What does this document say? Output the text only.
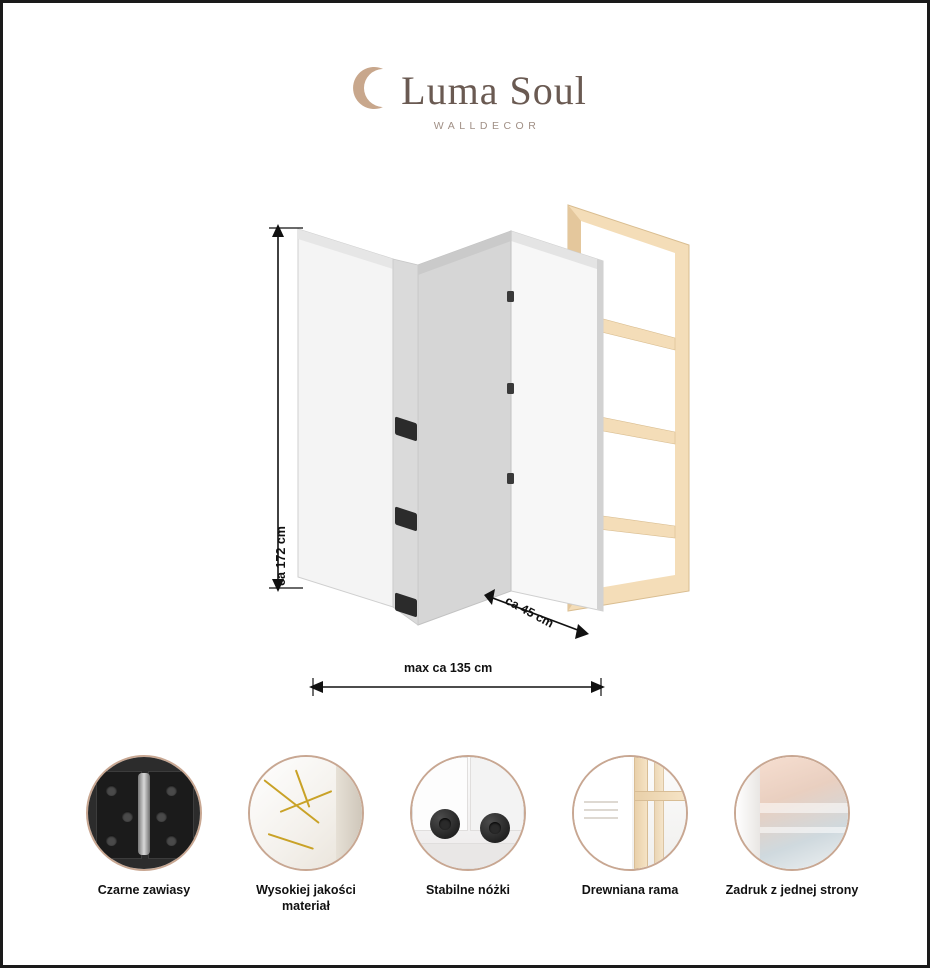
Luma Soul
WALLDECOR
ca 172 cm
ca 45 cm
max ca 135 cm
Czarne zawiasy	Wysokiej jakości materiał
Stabilne nóżki	Drewniana rama	Zadruk z jednej strony
